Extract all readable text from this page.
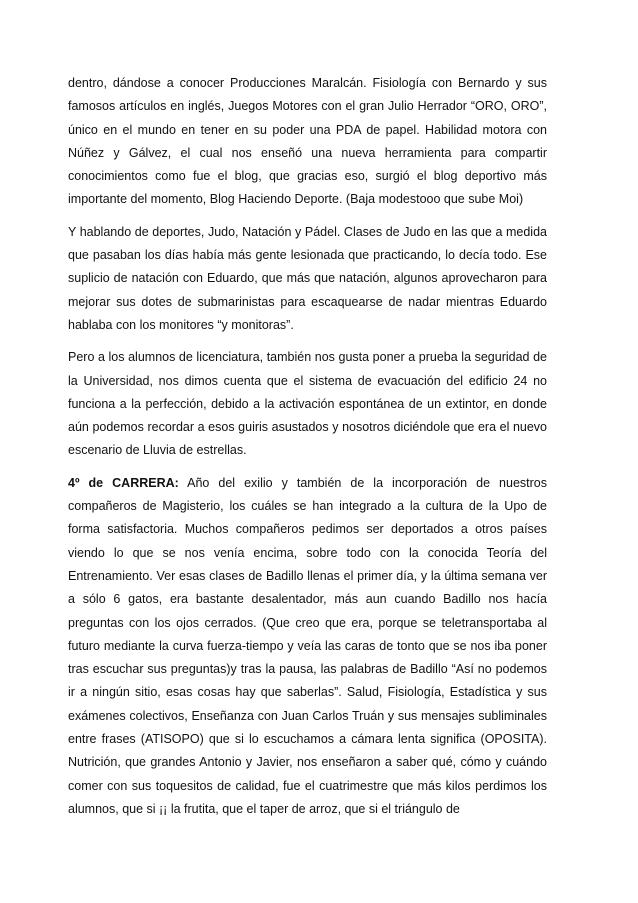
dentro, dándose a conocer Producciones Maralcán. Fisiología con Bernardo y sus famosos artículos en inglés, Juegos Motores con el gran Julio Herrador “ORO, ORO”, único en el mundo en tener en su poder una PDA de papel. Habilidad motora con Núñez y Gálvez, el cual nos enseñó una nueva herramienta para compartir conocimientos como fue el blog, que gracias eso, surgió el blog deportivo más importante del momento, Blog Haciendo Deporte. (Baja modestooo que sube Moi)

Y hablando de deportes, Judo, Natación y Pádel. Clases de Judo en las que a medida que pasaban los días había más gente lesionada que practicando, lo decía todo. Ese suplicio de natación con Eduardo, que más que natación, algunos aprovecharon para mejorar sus dotes de submarinistas para escaquearse de nadar mientras Eduardo hablaba con los monitores “y monitoras”.

Pero a los alumnos de licenciatura, también nos gusta poner a prueba la seguridad de la Universidad, nos dimos cuenta que el sistema de evacuación del edificio 24 no funciona a la perfección, debido a la activación espontánea de un extintor, en donde aún podemos recordar a esos guiris asustados y nosotros diciéndole que era el nuevo escenario de Lluvia de estrellas.

4º de CARRERA: Año del exilio y también de la incorporación de nuestros compañeros de Magisterio, los cuáles se han integrado a la cultura de la Upo de forma satisfactoria. Muchos compañeros pedimos ser deportados a otros países viendo lo que se nos venía encima, sobre todo con la conocida Teoría del Entrenamiento. Ver esas clases de Badillo llenas el primer día, y la última semana ver a sólo 6 gatos, era bastante desalentador, más aun cuando Badillo nos hacía preguntas con los ojos cerrados. (Que creo que era, porque se teletransportaba al futuro mediante la curva fuerza-tiempo y veía las caras de tonto que se nos iba poner tras escuchar sus preguntas)y tras la pausa, las palabras de Badillo “Así no podemos ir a ningún sitio, esas cosas hay que saberlas”. Salud, Fisiología, Estadística y sus exámenes colectivos, Enseñanza con Juan Carlos Truán y sus mensajes subliminales entre frases (ATISOPO) que si lo escuchamos a cámara lenta significa (OPOSITA). Nutrición, que grandes Antonio y Javier, nos enseñaron a saber qué, cómo y cuándo comer con sus toquesitos de calidad, fue el cuatrimestre que más kilos perdimos los alumnos, que si ¡¡ la frutita, que el taper de arroz, que si el triángulo de
